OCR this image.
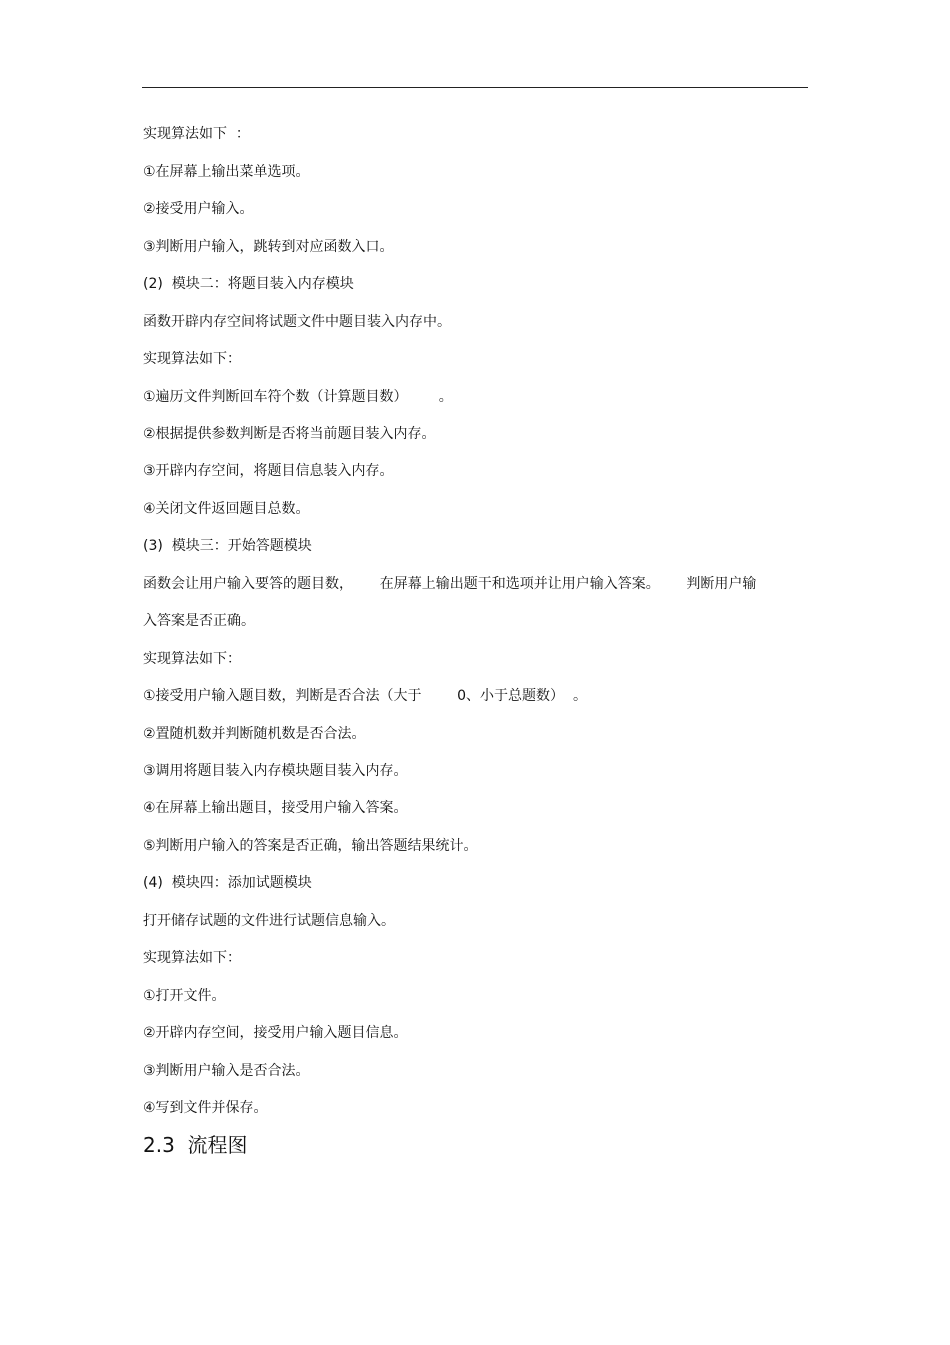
实现算法如下  ：
①在屏幕上输出菜单选项。
②接受用户输入。
③判断用户输入，跳转到对应函数入口。
(2)  模块二：将题目装入内存模块
函数开辟内存空间将试题文件中题目装入内存中。
实现算法如下：
①遍历文件判断回车符个数（计算题目数）       。
②根据提供参数判断是否将当前题目装入内存。
③开辟内存空间，将题目信息装入内存。
④关闭文件返回题目总数。
(3)  模块三：开始答题模块
函数会让用户输入要答的题目数，      在屏幕上输出题干和选项并让用户输入答案。      判断用户输
入答案是否正确。
实现算法如下：
①接受用户输入题目数，判断是否合法（大于        0、小于总题数）  。
②置随机数并判断随机数是否合法。
③调用将题目装入内存模块题目装入内存。
④在屏幕上输出题目，接受用户输入答案。
⑤判断用户输入的答案是否正确，输出答题结果统计。
(4)  模块四：添加试题模块
打开储存试题的文件进行试题信息输入。
实现算法如下：
①打开文件。
②开辟内存空间，接受用户输入题目信息。
③判断用户输入是否合法。
④写到文件并保存。
2.3  流程图
